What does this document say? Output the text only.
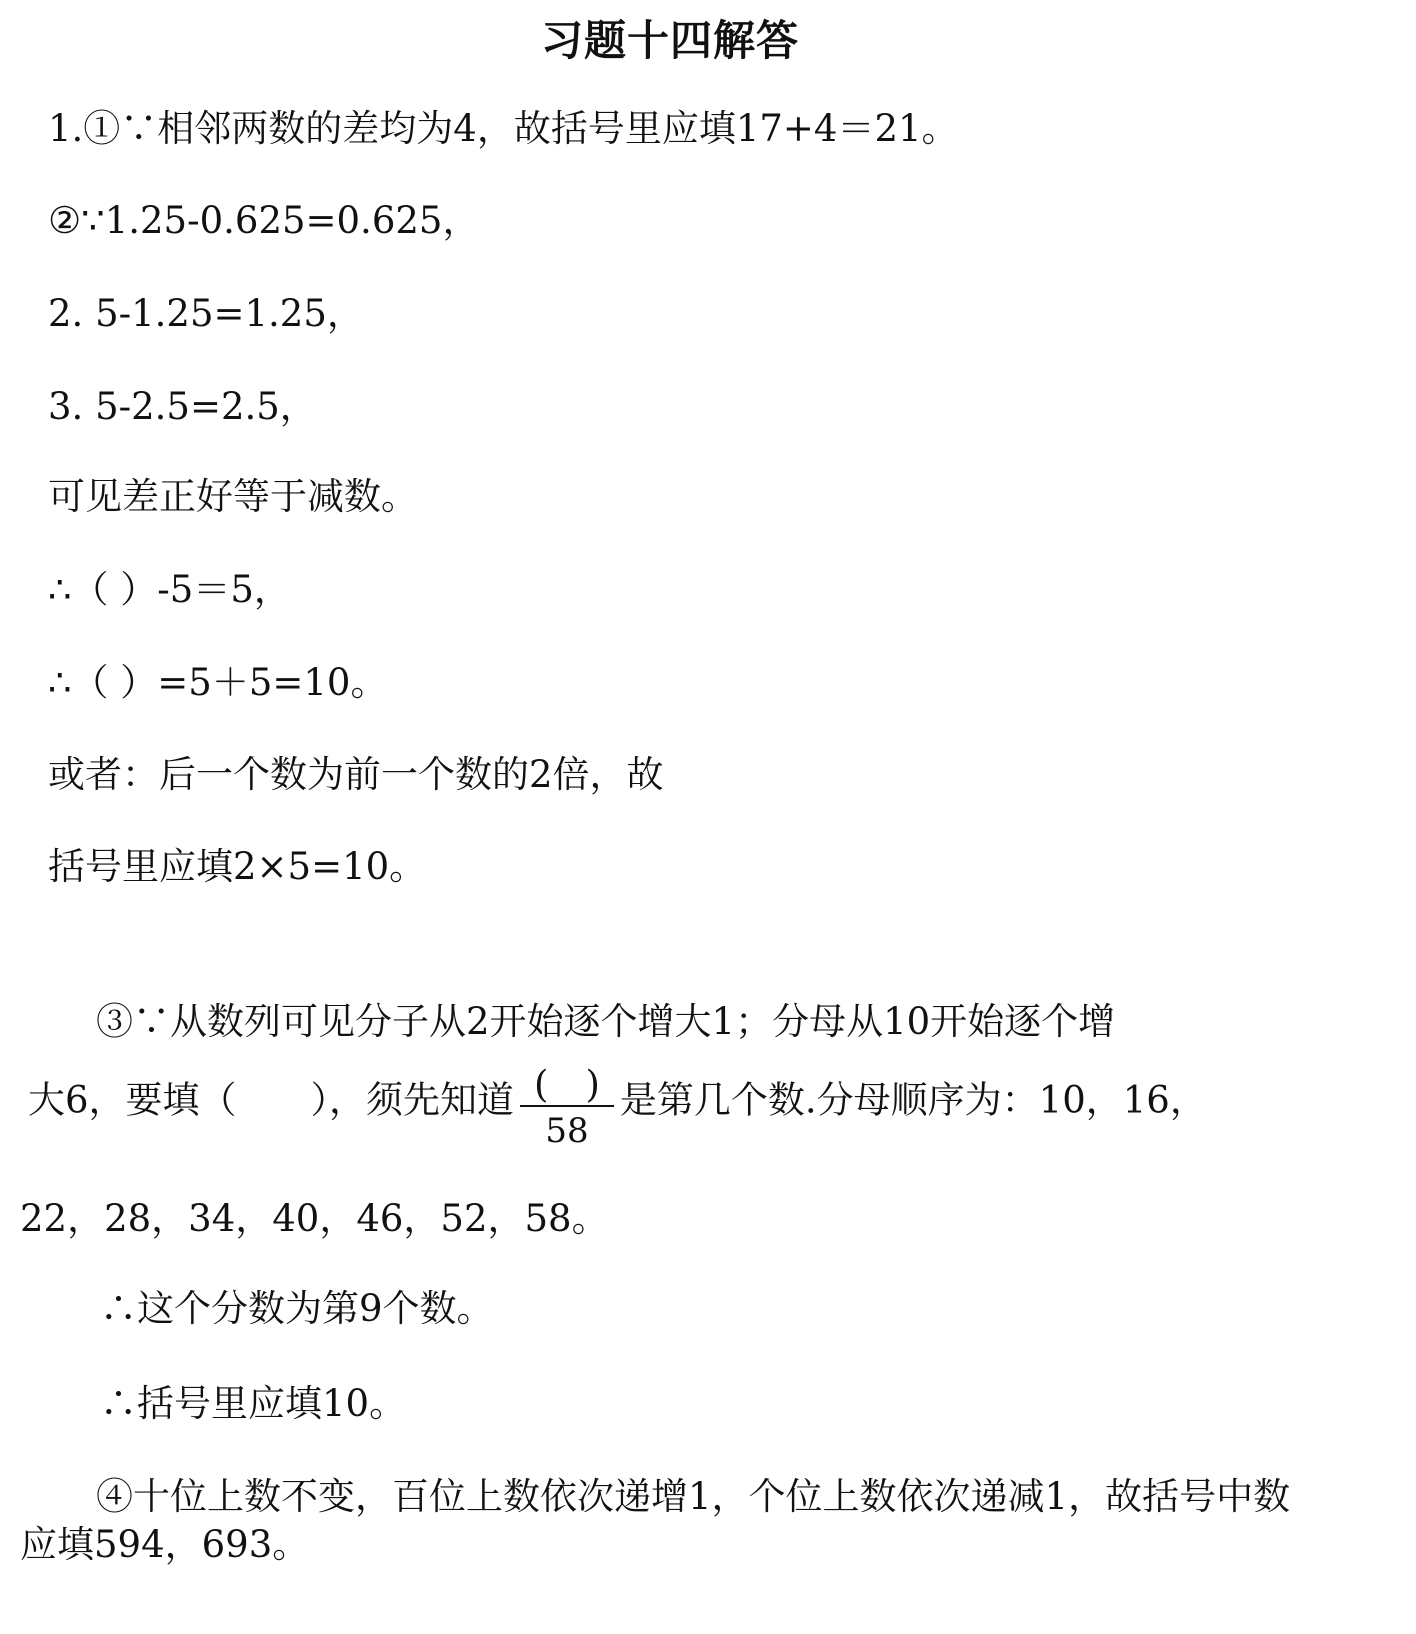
习题十四解答
1.①∵相邻两数的差均为4，故括号里应填17+4＝21。
②∵1.25-0.625=0.625，
2. 5-1.25=1.25，
3. 5-2.5=2.5，
可见差正好等于减数。
∴（ ）-5＝5，
∴（ ）=5＋5=10。
或者：后一个数为前一个数的2倍，故
括号里应填2×5=10。
③∵从数列可见分子从2开始逐个增大1；分母从10开始逐个增
大6，要填（　　），须先知道 $\frac{( )}{58}$ 是第几个数.分母顺序为：10，16，
22，28，34，40，46，52，58。
∴这个分数为第9个数。
∴括号里应填10。
④十位上数不变，百位上数依次递增1，个位上数依次递减1，故括号中数
应填594，693。
